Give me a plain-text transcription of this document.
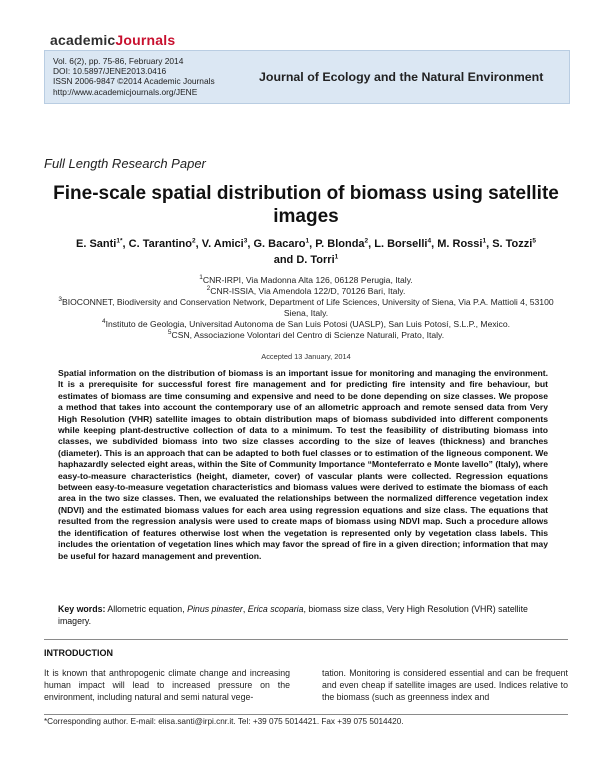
academicJournals
Vol. 6(2), pp. 75-86, February 2014
DOI: 10.5897/JENE2013.0416
ISSN 2006-9847 ©2014 Academic Journals
http://www.academicjournals.org/JENE
Journal of Ecology and the Natural Environment
Full Length Research Paper
Fine-scale spatial distribution of biomass using satellite images
E. Santi$^{1*}$, C. Tarantino$^2$, V. Amici$^3$, G. Bacaro$^1$, P. Blonda$^2$, L. Borselli$^4$, M. Rossi$^1$, S. Tozzi$^5$
and D. Torri$^1$
$^1$CNR-IRPI, Via Madonna Alta 126, 06128 Perugia, Italy.
$^2$CNR-ISSIA, Via Amendola 122/D, 70126 Bari, Italy.
$^3$BIOCONNET, Biodiversity and Conservation Network, Department of Life Sciences, University of Siena, Via P.A. Mattioli 4, 53100 Siena, Italy.
$^4$Instituto de Geologia, Universitad Autonoma de San Luis Potosi (UASLP), San Luis Potosí, S.L.P., Mexico.
$^5$CSN, Associazione Volontari del Centro di Scienze Naturali, Prato, Italy.
Accepted 13 January, 2014
Spatial information on the distribution of biomass is an important issue for monitoring and managing the environment. It is a prerequisite for successful forest fire management and for predicting fire intensity and fire behaviour, but estimates of biomass are time consuming and expensive and need to be done depending on size classes. We propose a method that takes into account the contemporary use of an allometric approach and remote sensed data from Very High Resolution (VHR) satellite images to obtain distribution maps of biomass subdivided into different components while keeping plant-destructive collection of data to a minimum. To test the feasibility of distributing biomass into classes, we subdivided biomass into two size classes according to the size of leaves (thickness) and branches (diameter). This is an approach that can be adapted to both fuel classes or to estimation of the ligneous component. We haphazardly selected eight areas, within the Site of Community Importance “Monteferrato e Monte Iavello” (Italy), where easy-to-measure characteristics (height, diameter, cover) of vascular plants were collected. Regression equations between easy-to-measure vegetation characteristics and biomass values were derived to estimate the biomass of each area in the two size classes. Then, we evaluated the relationships between the normalized difference vegetation index (NDVI) and the estimated biomass values for each area using regression equations and size class. The equations that resulted from the regression analysis were used to create maps of biomass using NDVI map. Such a procedure allows the identification of features otherwise lost when the vegetation is represented only by vegetation class labels. This includes the orientation of vegetation lines which may favor the spread of fire in a given direction; information that may be useful for hazard management and prevention.
Key words: Allometric equation, Pinus pinaster, Erica scoparia, biomass size class, Very High Resolution (VHR) satellite imagery.
INTRODUCTION
It is known that anthropogenic climate change and increasing human impact will lead to increased pressure on the environment, including natural and semi natural vege-
tation. Monitoring is considered essential and can be frequent and even cheap if satellite images are used. Indices relative to the biomass (such as greenness index and
*Corresponding author. E-mail: elisa.santi@irpi.cnr.it. Tel: +39 075 5014421. Fax +39 075 5014420.
